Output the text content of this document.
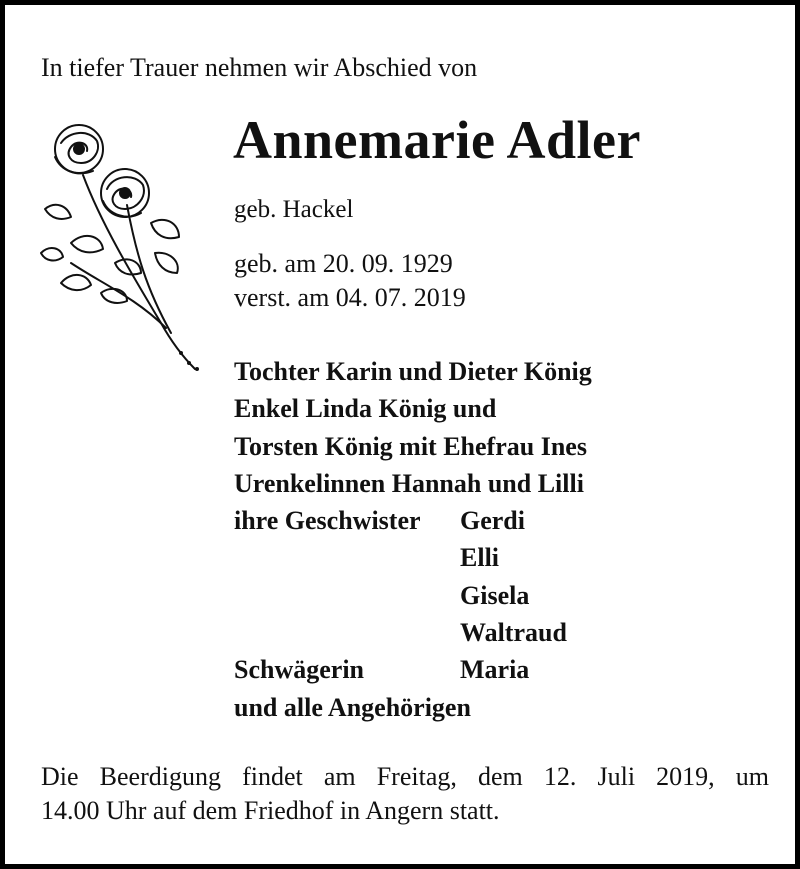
In tiefer Trauer nehmen wir Abschied von
Annemarie Adler
geb. Hackel
geb. am 20. 09. 1929
verst. am 04. 07. 2019
Tochter Karin und Dieter König
Enkel Linda König und
Torsten König mit Ehefrau Ines
Urenkelinnen Hannah und Lilli
ihre Geschwister Gerdi
Elli
Gisela
Waltraud
Schwägerin	Maria
und alle Angehörigen
Die Beerdigung findet am Freitag, dem 12. Juli 2019, um
14.00 Uhr auf dem Friedhof in Angern statt.
